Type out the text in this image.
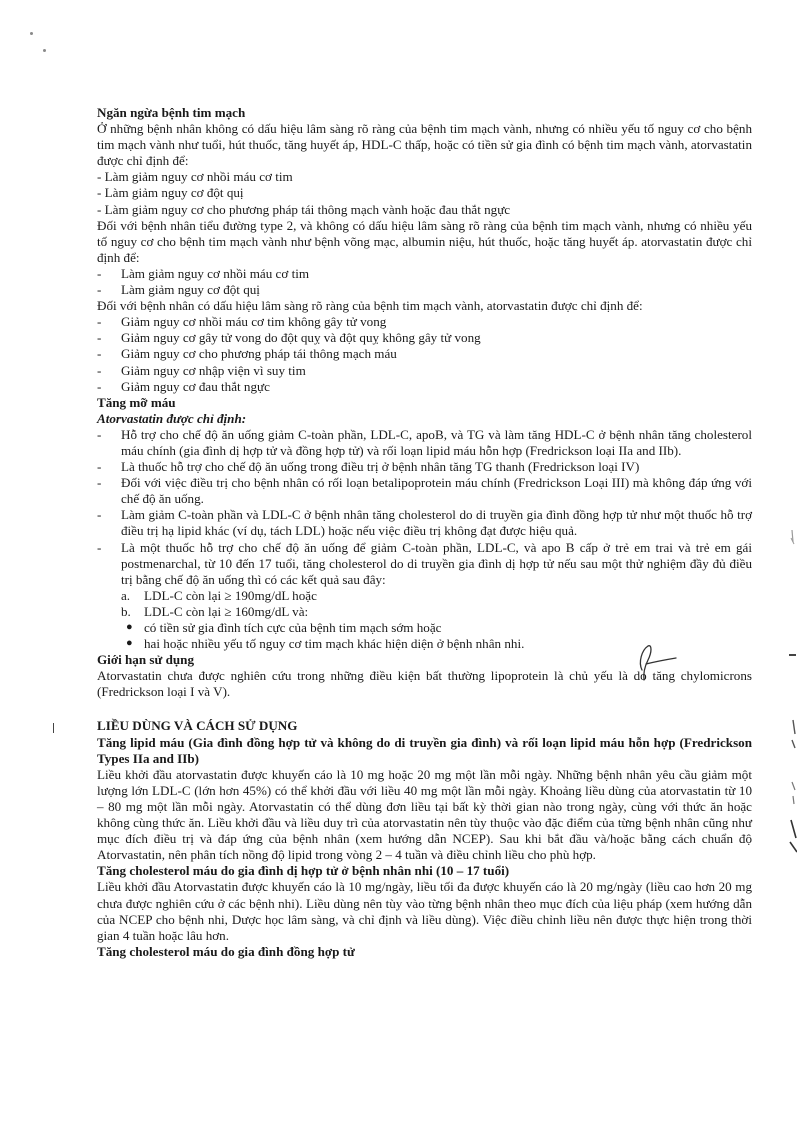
Ngăn ngừa bệnh tim mạch

Ở những bệnh nhân không có dấu hiệu lâm sàng rõ ràng của bệnh tim mạch vành, nhưng có nhiều yếu tố nguy cơ cho bệnh tim mạch vành như tuổi, hút thuốc, tăng huyết áp, HDL-C thấp, hoặc có tiền sử gia đình có bệnh tim mạch vành, atorvastatin được chỉ định để:

- Làm giảm nguy cơ nhồi máu cơ tim

- Làm giảm nguy cơ đột quị

- Làm giảm nguy cơ cho phương pháp tái thông mạch vành hoặc đau thắt ngực

Đối với bệnh nhân tiểu đường type 2, và không có dấu hiệu lâm sàng rõ ràng của bệnh tim mạch vành, nhưng có nhiều yếu tố nguy cơ cho bệnh tim mạch vành như bệnh võng mạc, albumin niệu, hút thuốc, hoặc tăng huyết áp. atorvastatin được chỉ định để:

- Làm giảm nguy cơ nhồi máu cơ tim

- Làm giảm nguy cơ đột quị

Đối với bệnh nhân có dấu hiệu lâm sàng rõ ràng của bệnh tim mạch vành, atorvastatin được chỉ định để:

- Giảm nguy cơ nhồi máu cơ tim không gây tử vong

- Giảm nguy cơ gây tử vong do đột quỵ và đột quỵ không gây tử vong

- Giảm nguy cơ cho phương pháp tái thông mạch máu

- Giảm nguy cơ nhập viện vì suy tim

- Giảm nguy cơ đau thắt ngực

Tăng mỡ máu

Atorvastatin được chỉ định:

- Hỗ trợ cho chế độ ăn uống giảm C-toàn phần, LDL-C, apoB, và TG và làm tăng HDL-C ở bệnh nhân tăng cholesterol máu chính (gia đình dị hợp tử và đồng hợp tử) và rối loạn lipid máu hỗn hợp (Fredrickson loại IIa and IIb).

- Là thuốc hỗ trợ cho chế độ ăn uống trong điều trị ở bệnh nhân tăng TG thanh (Fredrickson loại IV)

- Đối với việc điều trị cho bệnh nhân có rối loạn betalipoprotein máu chính (Fredrickson Loại III) mà không đáp ứng với chế độ ăn uống.

- Làm giảm C-toàn phần và LDL-C ở bệnh nhân tăng cholesterol do di truyền gia đình đồng hợp tử như một thuốc hỗ trợ điều trị hạ lipid khác (ví dụ, tách LDL) hoặc nếu việc điều trị không đạt được hiệu quả.

- Là một thuốc hỗ trợ cho chế độ ăn uống để giảm C-toàn phần, LDL-C, và apo B cấp ở trẻ em trai và trẻ em gái postmenarchal, từ 10 đến 17 tuổi, tăng cholesterol do di truyền gia đình dị hợp tử nếu sau một thử nghiệm đầy đủ điều trị bằng chế độ ăn uống thì có các kết quả sau đây:

a. LDL-C còn lại ≥ 190mg/dL hoặc

b. LDL-C còn lại ≥ 160mg/dL và:

● có tiền sử gia đình tích cực của bệnh tim mạch sớm hoặc

● hai hoặc nhiều yếu tố nguy cơ tim mạch khác hiện diện ở bệnh nhân nhi.

Giới hạn sử dụng

Atorvastatin chưa được nghiên cứu trong những điều kiện bất thường lipoprotein là chủ yếu là do tăng chylomicrons (Fredrickson loại I và V).

LIỀU DÙNG VÀ CÁCH SỬ DỤNG

Tăng lipid máu (Gia đình đồng hợp tử và không do di truyền gia đình) và rối loạn lipid máu hỗn hợp (Fredrickson Types IIa and IIb)

Liều khởi đầu atorvastatin được khuyến cáo là 10 mg hoặc 20 mg một lần mỗi ngày. Những bệnh nhân yêu cầu giảm một lượng lớn LDL-C (lớn hơn 45%) có thể khởi đầu với liều 40 mg một lần mỗi ngày. Khoảng liều dùng của atorvastatin từ 10 – 80 mg một lần mỗi ngày. Atorvastatin có thể dùng đơn liều tại bất kỳ thời gian nào trong ngày, cùng với thức ăn hoặc không cùng thức ăn. Liều khởi đầu và liều duy trì của atorvastatin nên tùy thuộc vào đặc điểm của từng bệnh nhân cũng như mục đích điều trị và đáp ứng của bệnh nhân (xem hướng dẫn NCEP). Sau khi bắt đầu và/hoặc bằng cách chuẩn độ Atorvastatin, nên phân tích nồng độ lipid trong vòng 2 – 4 tuần và điều chỉnh liều cho phù hợp.

Tăng cholesterol máu do gia đình dị hợp tử ở bệnh nhân nhi (10 – 17 tuổi)

Liều khởi đầu Atorvastatin được khuyến cáo là 10 mg/ngày, liều tối đa được khuyến cáo là 20 mg/ngày (liều cao hơn 20 mg chưa được nghiên cứu ở các bệnh nhi). Liều dùng nên tùy vào từng bệnh nhân theo mục đích của liệu pháp (xem hướng dẫn của NCEP cho bệnh nhi, Dược học lâm sàng, và chỉ định và liều dùng). Việc điều chỉnh liều nên được thực hiện trong thời gian 4 tuần hoặc lâu hơn.

Tăng cholesterol máu do gia đình đồng hợp tử
